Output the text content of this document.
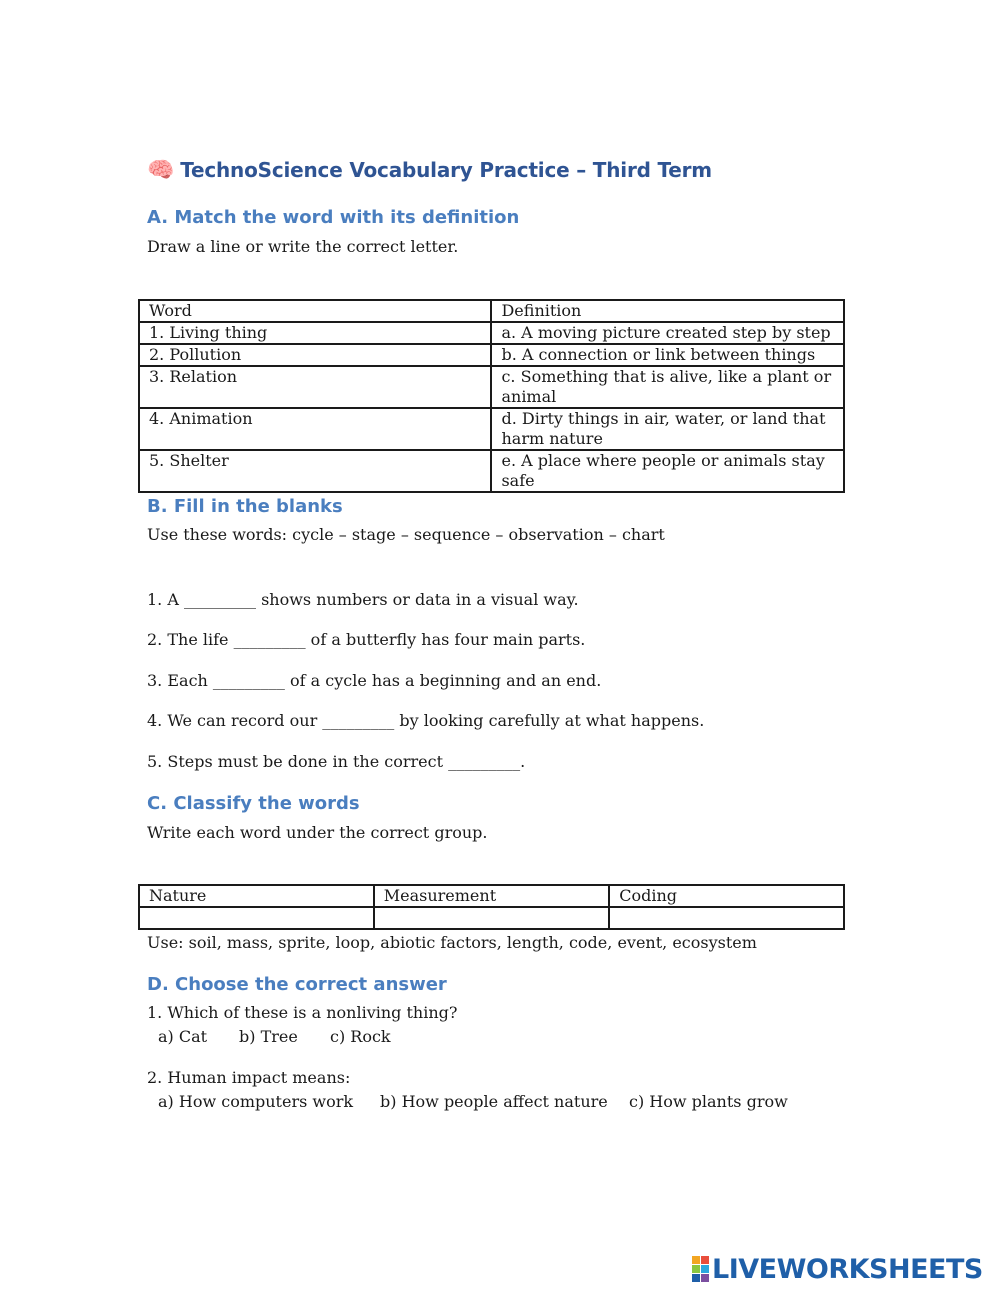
🧠 TechnoScience Vocabulary Practice – Third Term
A. Match the word with its definition
Draw a line or write the correct letter.
Word	Definition
1. Living thing	a. A moving picture created step by step
2. Pollution	b. A connection or link between things
3. Relation	c. Something that is alive, like a plant or animal
4. Animation	d. Dirty things in air, water, or land that harm nature
5. Shelter	e. A place where people or animals stay safe
B. Fill in the blanks
Use these words: cycle – stage – sequence – observation – chart
1. A _________ shows numbers or data in a visual way.
2. The life _________ of a butterfly has four main parts.
3. Each _________ of a cycle has a beginning and an end.
4. We can record our _________ by looking carefully at what happens.
5. Steps must be done in the correct _________.
C. Classify the words
Write each word under the correct group.
Nature	Measurement	Coding

Use: soil, mass, sprite, loop, abiotic factors, length, code, event, ecosystem
D. Choose the correct answer
1. Which of these is a nonliving thing?
a) Cat b) Tree c) Rock
2. Human impact means:
a) How computers work b) How people affect nature c) How plants grow
LIVEWORKSHEETS
